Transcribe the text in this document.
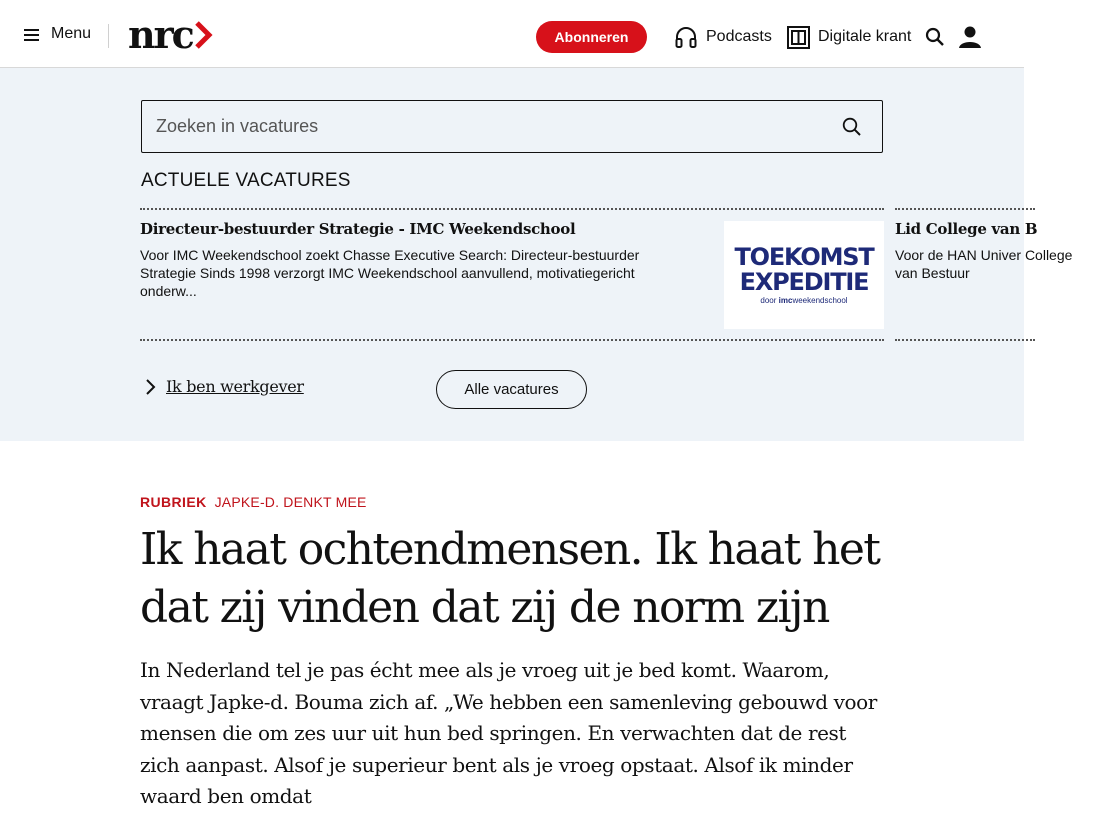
Menu nrc	Abonneren	Podcasts	Digitale krant
Zoeken in vacatures
ACTUELE VACATURES
Directeur-bestuurder Strategie - IMC Weekendschool
Voor IMC Weekendschool zoekt Chasse Executive Search: Directeur-bestuurder Strategie Sinds 1998 verzorgt IMC Weekendschool aanvullend, motivatiegericht onderw...
TOEKOMST
EXPEDITIE
door imcweekendschool
Lid College van B
Voor de HAN Univer College van Bestuur
Ik ben werkgever	Alle vacatures
RUBRIEK JAPKE-D. DENKT MEE
Ik haat ochtendmensen. Ik haat het dat zij vinden dat zij de norm zijn

In Nederland tel je pas écht mee als je vroeg uit je bed komt. Waarom, vraagt Japke-d. Bouma zich af. „We hebben een samenleving gebouwd voor mensen die om zes uur uit hun bed springen. En verwachten dat de rest zich aanpast. Alsof je superieur bent als je vroeg opstaat. Alsof ik minder waard ben omdat
